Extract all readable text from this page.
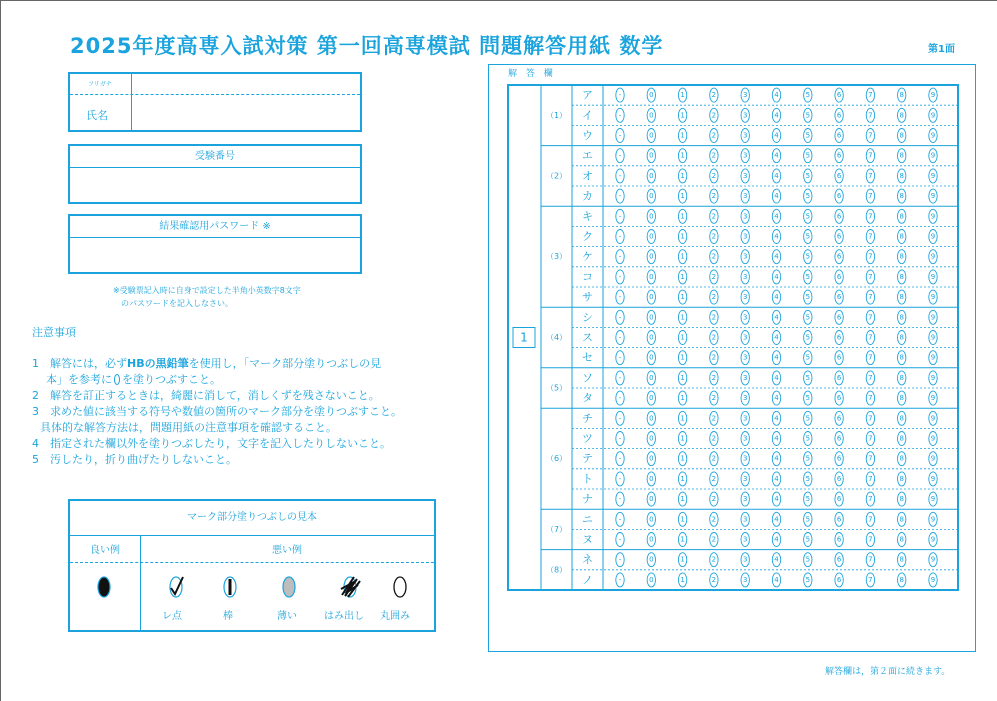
2025年度高専入試対策 第一回高専模試 問題解答用紙 数学	第1面
フリガナ
氏名
受験番号
結果確認用パスワード ※
※受験票記入時に自身で設定した半角小英数字8文字
のパスワードを記入しなさい。
注意事項
1　解答には，必ずHBの黒鉛筆を使用し，「マーク部分塗りつぶしの見
本」を参考に を塗りつぶすこと。
2　解答を訂正するときは，綺麗に消して，消しくずを残さないこと。
3　求めた値に該当する符号や数値の箇所のマーク部分を塗りつぶすこと。
具体的な解答方法は，問題用紙の注意事項を確認すること。
4　指定された欄以外を塗りつぶしたり，文字を記入したりしないこと。
5　汚したり，折り曲げたりしないこと。
マーク部分塗りつぶしの見本
良い例	悪い例
レ点	棒	薄い	はみ出し 丸囲み
解 答 欄
1
（1）
ア	-	0	1	2	3	4	5	6	7	8	9
イ	-	0	1	2	3	4	5	6	7	8	9
ウ	-	0	1	2	3	4	5	6	7	8	9
（2）
エ	-	0	1	2	3	4	5	6	7	8	9
オ	-	0	1	2	3	4	5	6	7	8	9
カ	-	0	1	2	3	4	5	6	7	8	9
（3）
キ	-	0	1	2	3	4	5	6	7	8	9
ク	-	0	1	2	3	4	5	6	7	8	9
ケ	-	0	1	2	3	4	5	6	7	8	9
コ	-	0	1	2	3	4	5	6	7	8	9
サ	-	0	1	2	3	4	5	6	7	8	9
（4）
シ	-	0	1	2	3	4	5	6	7	8	9
ス	-	0	1	2	3	4	5	6	7	8	9
セ	-	0	1	2	3	4	5	6	7	8	9
（5）
ソ	-	0	1	2	3	4	5	6	7	8	9
タ	-	0	1	2	3	4	5	6	7	8	9
（6）
チ	-	0	1	2	3	4	5	6	7	8	9
ツ	-	0	1	2	3	4	5	6	7	8	9
テ	-	0	1	2	3	4	5	6	7	8	9
ト	-	0	1	2	3	4	5	6	7	8	9
ナ	-	0	1	2	3	4	5	6	7	8	9
（7）
ニ	-	0	1	2	3	4	5	6	7	8	9
ヌ	-	0	1	2	3	4	5	6	7	8	9
（8）
ネ	-	0	1	2	3	4	5	6	7	8	9
ノ	-	0	1	2	3	4	5	6	7	8	9
解答欄は，第２面に続きます。
